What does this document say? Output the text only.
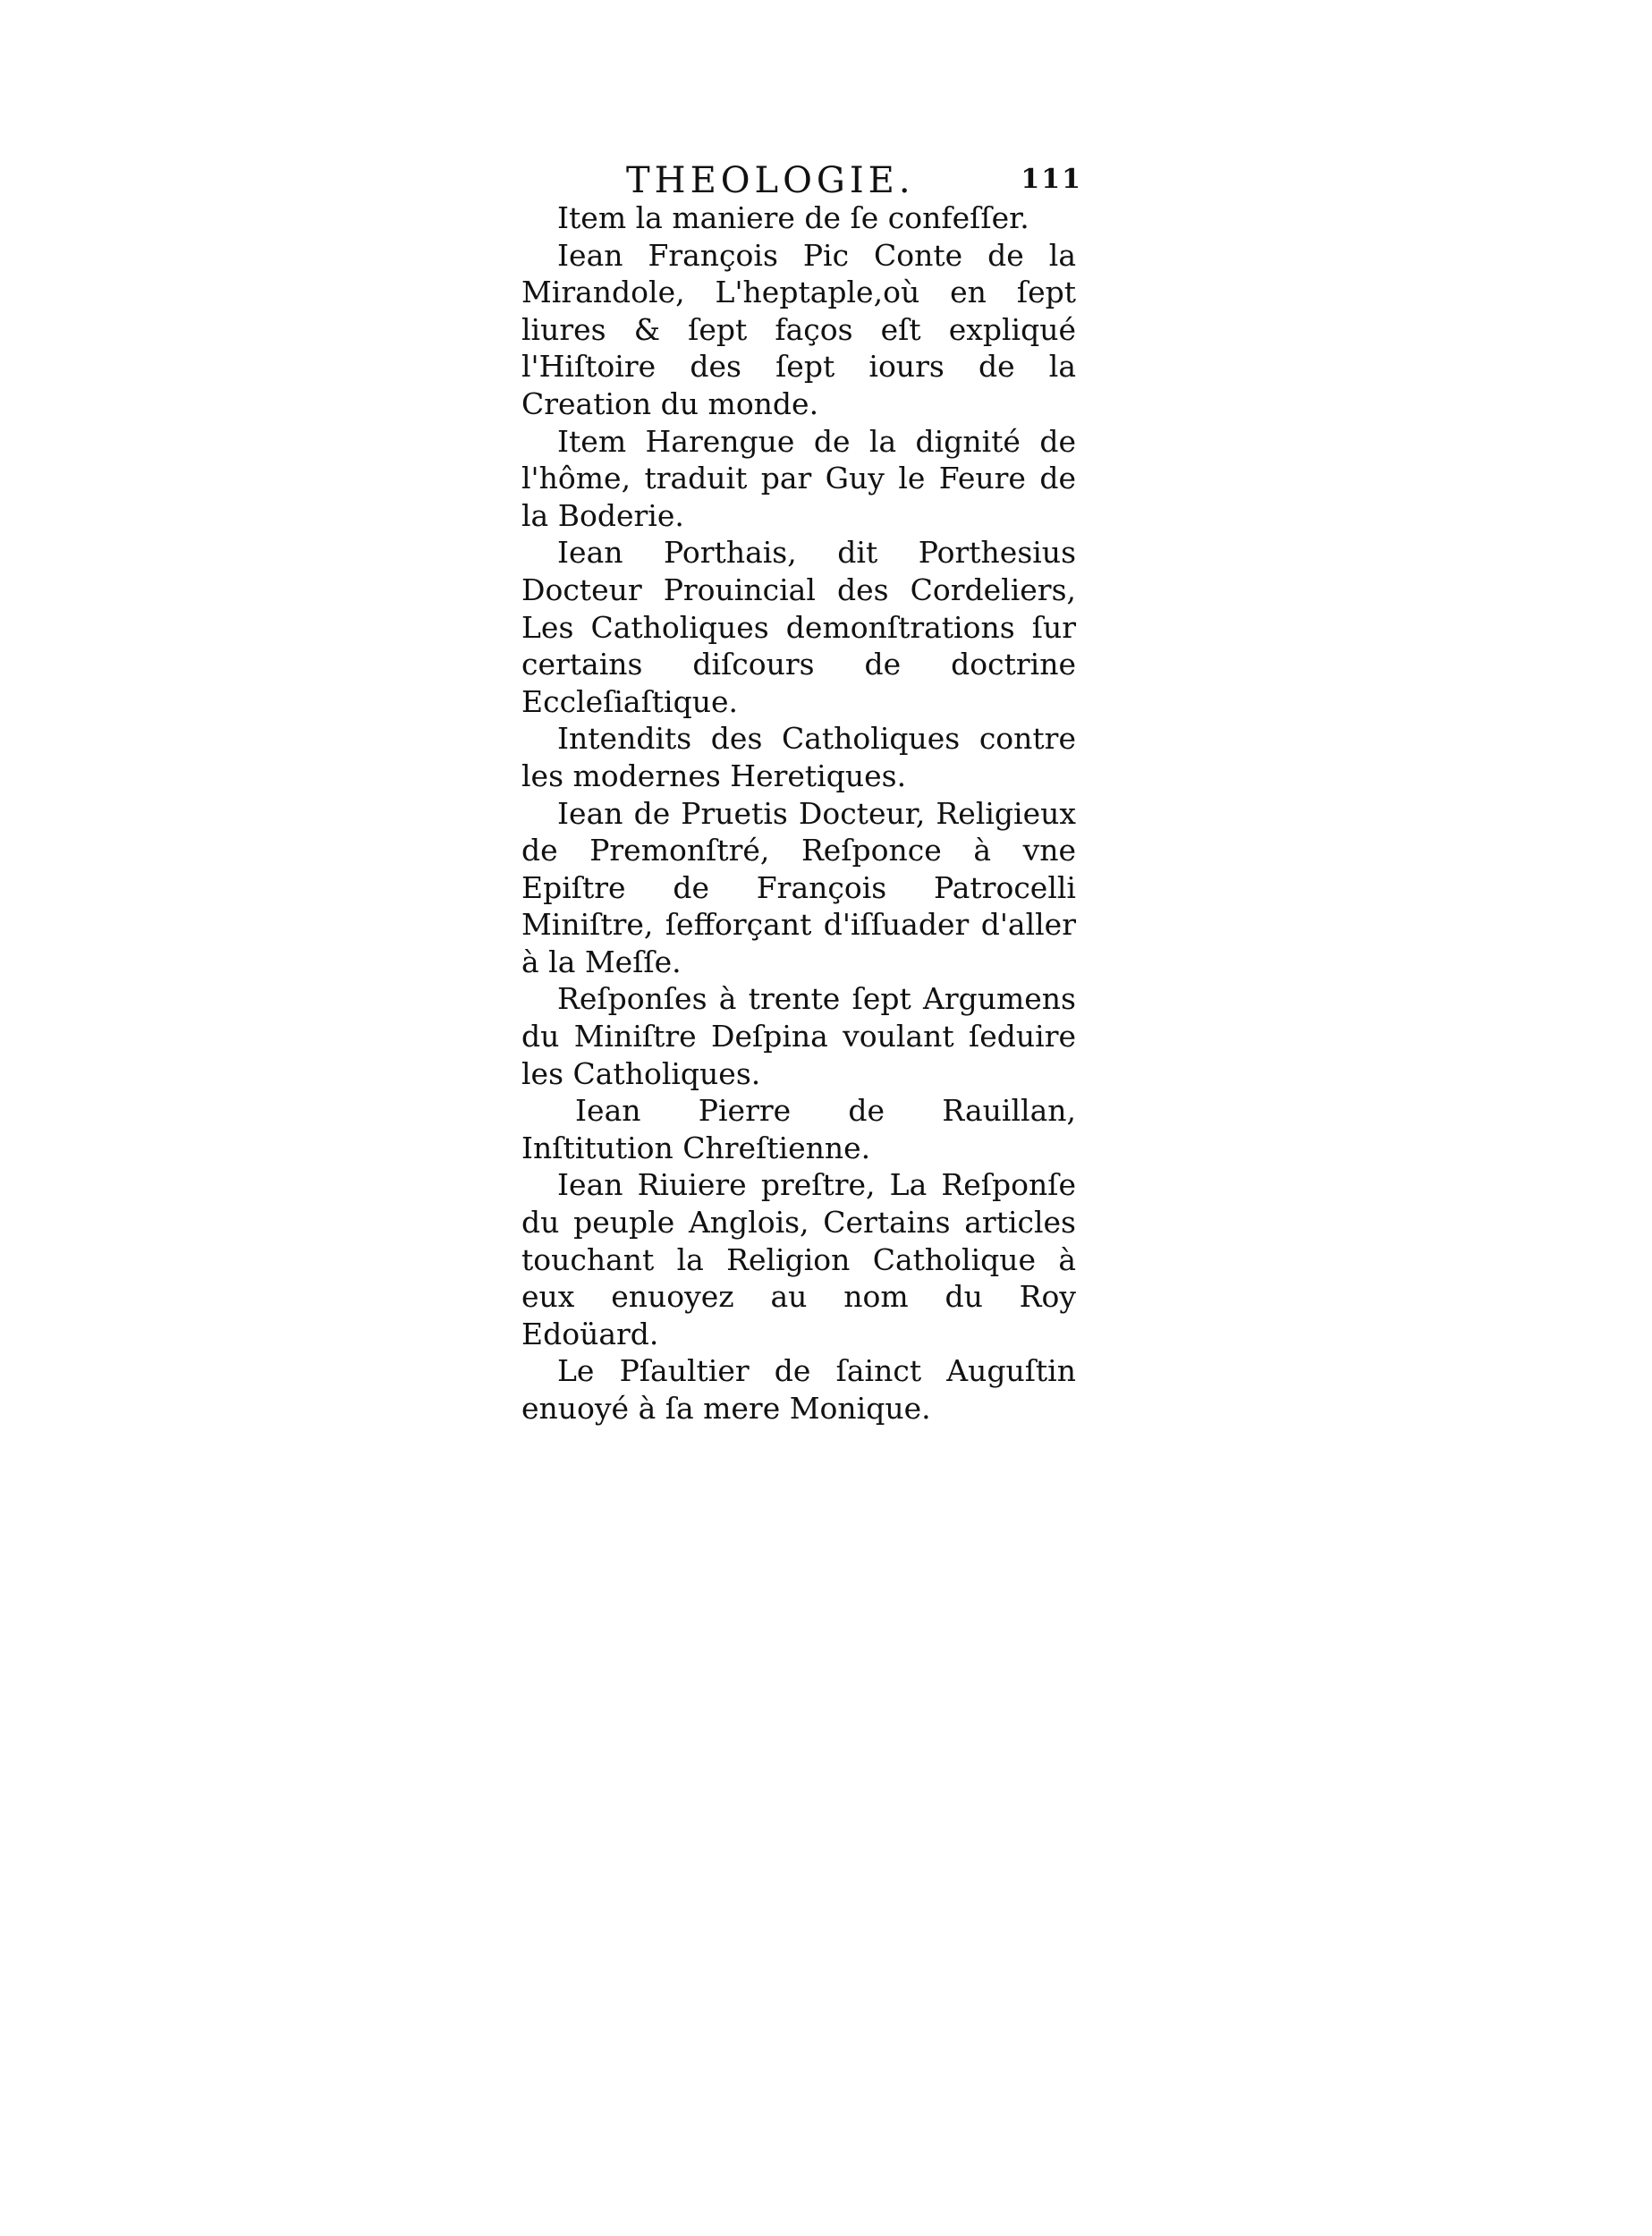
THEOLOGIE.	111

Item la maniere de ſe confeſſer.

Iean François Pic Conte de la Mirandole, L'heptaple,où en ſept liures & ſept faços eſt expliqué l'Hiſtoire des ſept iours de la Creation du monde.

Item Harengue de la dignité de l'hôme, traduit par Guy le Feure de la Boderie.

Iean Porthais, dit Porthesius Docteur Prouincial des Cordeliers, Les Catholiques demonſtrations ſur certains diſcours de doctrine Eccleſiaſtique.

Intendits des Catholiques contre les modernes Heretiques.

Iean de Pruetis Docteur, Religieux de Premonſtré, Reſponce à vne Epiſtre de François Patrocelli Miniſtre, ſefforçant d'iſſuader d'aller à la Meſſe.

Reſponſes à trente ſept Argumens du Miniſtre Deſpina voulant ſeduire les Catholiques.

Iean Pierre de Rauillan, Inſtitution Chreſtienne.

Iean Riuiere preſtre, La Reſponſe du peuple Anglois, Certains articles touchant la Religion Catholique à eux enuoyez au nom du Roy Edoüard.

Le Pſaultier de ſainct Auguſtin enuoyé à ſa mere Monique.
